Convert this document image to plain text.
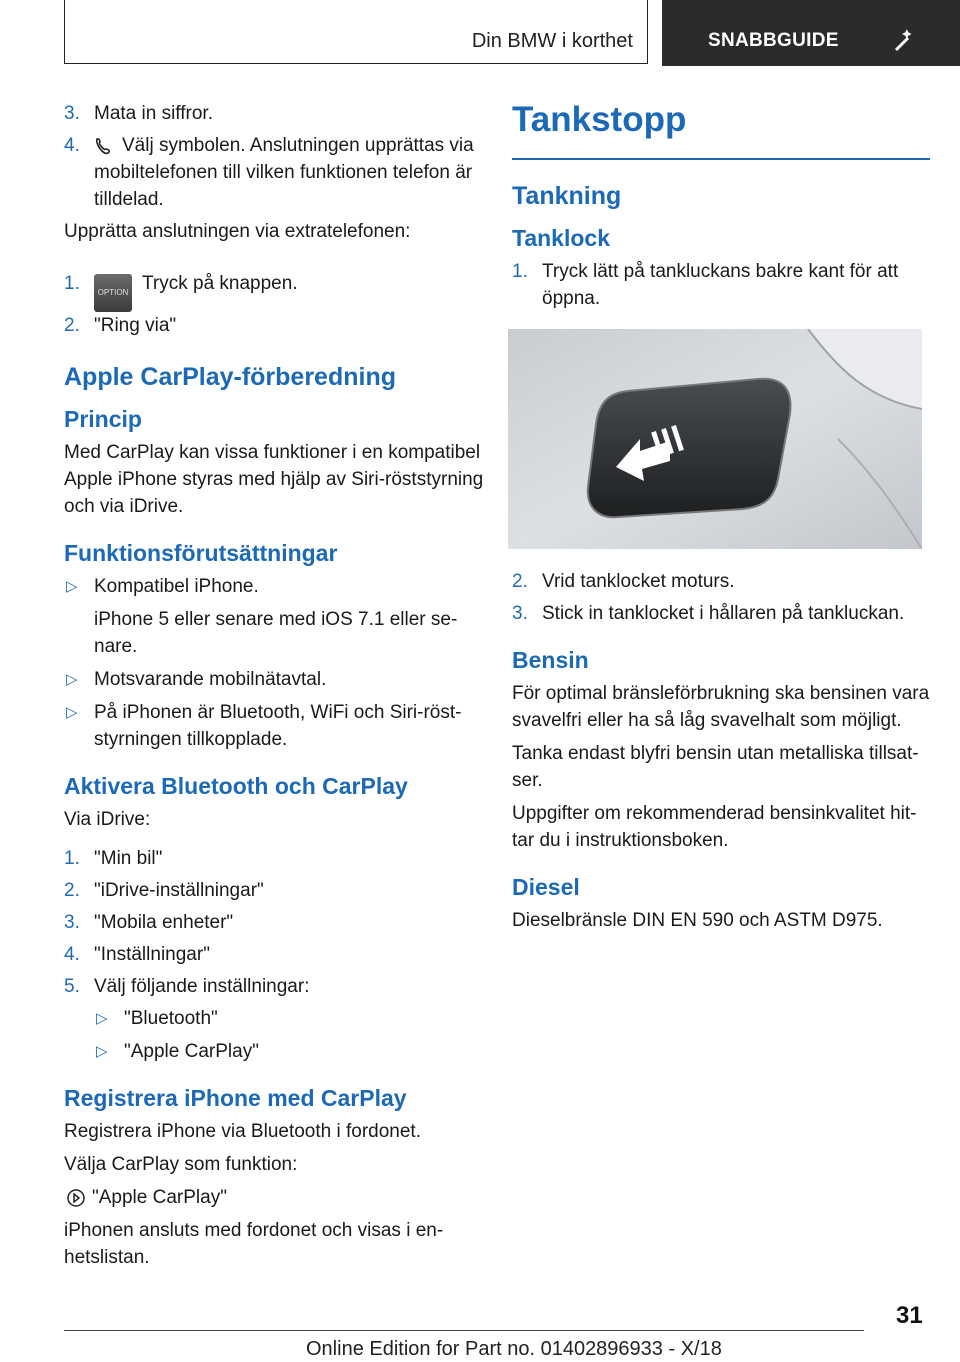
Din BMW i korthet	SNABBGUIDE
3. Mata in siffror.
4. Välj symbolen. Anslutningen upprättas via mobiltelefonen till vilken funktionen telefon är tilldelad.

Upprätta anslutningen via extratelefonen:

1. OPTION Tryck på knappen.
2. "Ring via"
Apple CarPlay-förberedning
Princip

Med CarPlay kan vissa funktioner i en kompatibel Apple iPhone styras med hjälp av Siri-röststyrning och via iDrive.

Funktionsförutsättningar
▷ Kompatibel iPhone.
iPhone 5 eller senare med iOS 7.1 eller senare.
▷ Motsvarande mobilnätavtal.
▷ På iPhonen är Bluetooth, WiFi och Siri-röststyrningen tillkopplade.
Aktivera Bluetooth och CarPlay

Via iDrive:

1. "Min bil"
2. "iDrive-inställningar"
3. "Mobila enheter"
4. "Inställningar"
5. Välj följande inställningar:
▷ "Bluetooth"
▷ "Apple CarPlay"
Registrera iPhone med CarPlay

Registrera iPhone via Bluetooth i fordonet.

Välja CarPlay som funktion:

"Apple CarPlay"

iPhonen ansluts med fordonet och visas i enhetslistan.

Tankstopp
Tankning
Tanklock
1. Tryck lätt på tankluckans bakre kant för att öppna.
2. Vrid tanklocket moturs.
3. Stick in tanklocket i hållaren på tankluckan.
Bensin

För optimal bränsleförbrukning ska bensinen vara svavelfri eller ha så låg svavelhalt som möjligt.

Tanka endast blyfri bensin utan metalliska tillsatser.

Uppgifter om rekommenderad bensinkvalitet hittar du i instruktionsboken.

Diesel

Dieselbränsle DIN EN 590 och ASTM D975.

31
Online Edition for Part no. 01402896933 - X/18
